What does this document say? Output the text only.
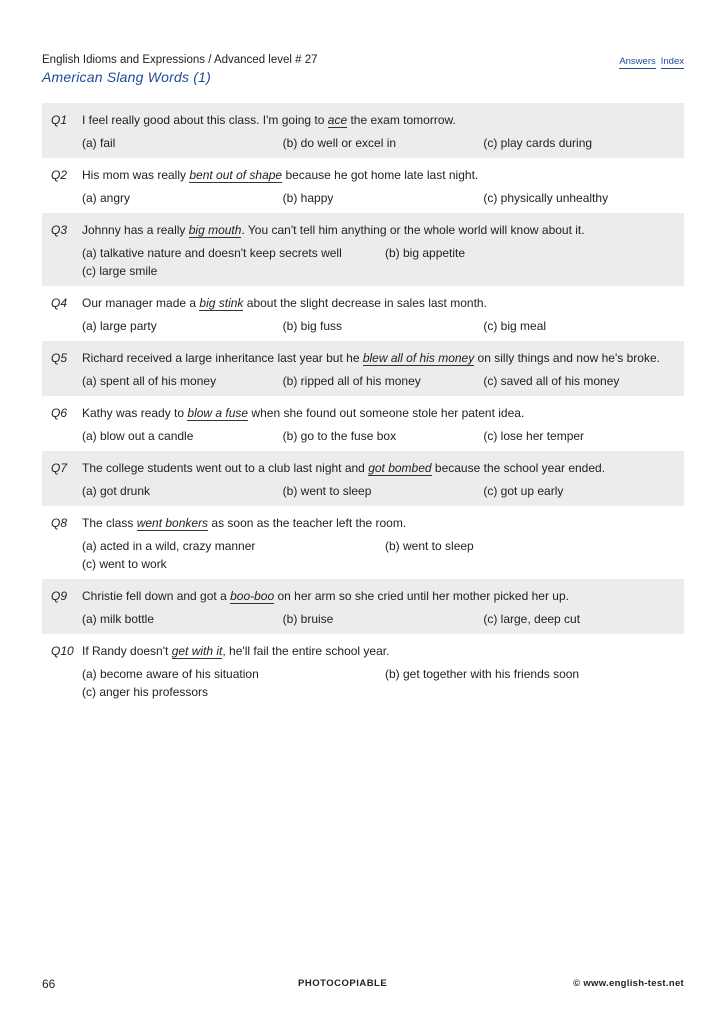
English Idioms and Expressions / Advanced level # 27	Answers Index
American Slang Words (1)
Q1	I feel really good about this class. I'm going to ace the exam tomorrow.
(a) fail	(b) do well or excel in	(c) play cards during
Q2	His mom was really bent out of shape because he got home late last night.
(a) angry	(b) happy	(c) physically unhealthy
Q3	Johnny has a really big mouth. You can't tell him anything or the whole world will know about it.
(a) talkative nature and doesn't keep secrets well	(b) big appetite
(c) large smile
Q4	Our manager made a big stink about the slight decrease in sales last month.
(a) large party	(b) big fuss	(c) big meal
Q5	Richard received a large inheritance last year but he blew all of his money on silly things and now he's broke.
(a) spent all of his money	(b) ripped all of his money	(c) saved all of his money
Q6	Kathy was ready to blow a fuse when she found out someone stole her patent idea.
(a) blow out a candle	(b) go to the fuse box	(c) lose her temper
Q7	The college students went out to a club last night and got bombed because the school year ended.
(a) got drunk	(b) went to sleep	(c) got up early
Q8	The class went bonkers as soon as the teacher left the room.
(a) acted in a wild, crazy manner	(b) went to sleep
(c) went to work
Q9	Christie fell down and got a boo-boo on her arm so she cried until her mother picked her up.
(a) milk bottle	(b) bruise	(c) large, deep cut
Q10 If Randy doesn't get with it, he'll fail the entire school year.
(a) become aware of his situation	(b) get together with his friends soon
(c) anger his professors
66	PHOTOCOPIABLE	© www.english-test.net
